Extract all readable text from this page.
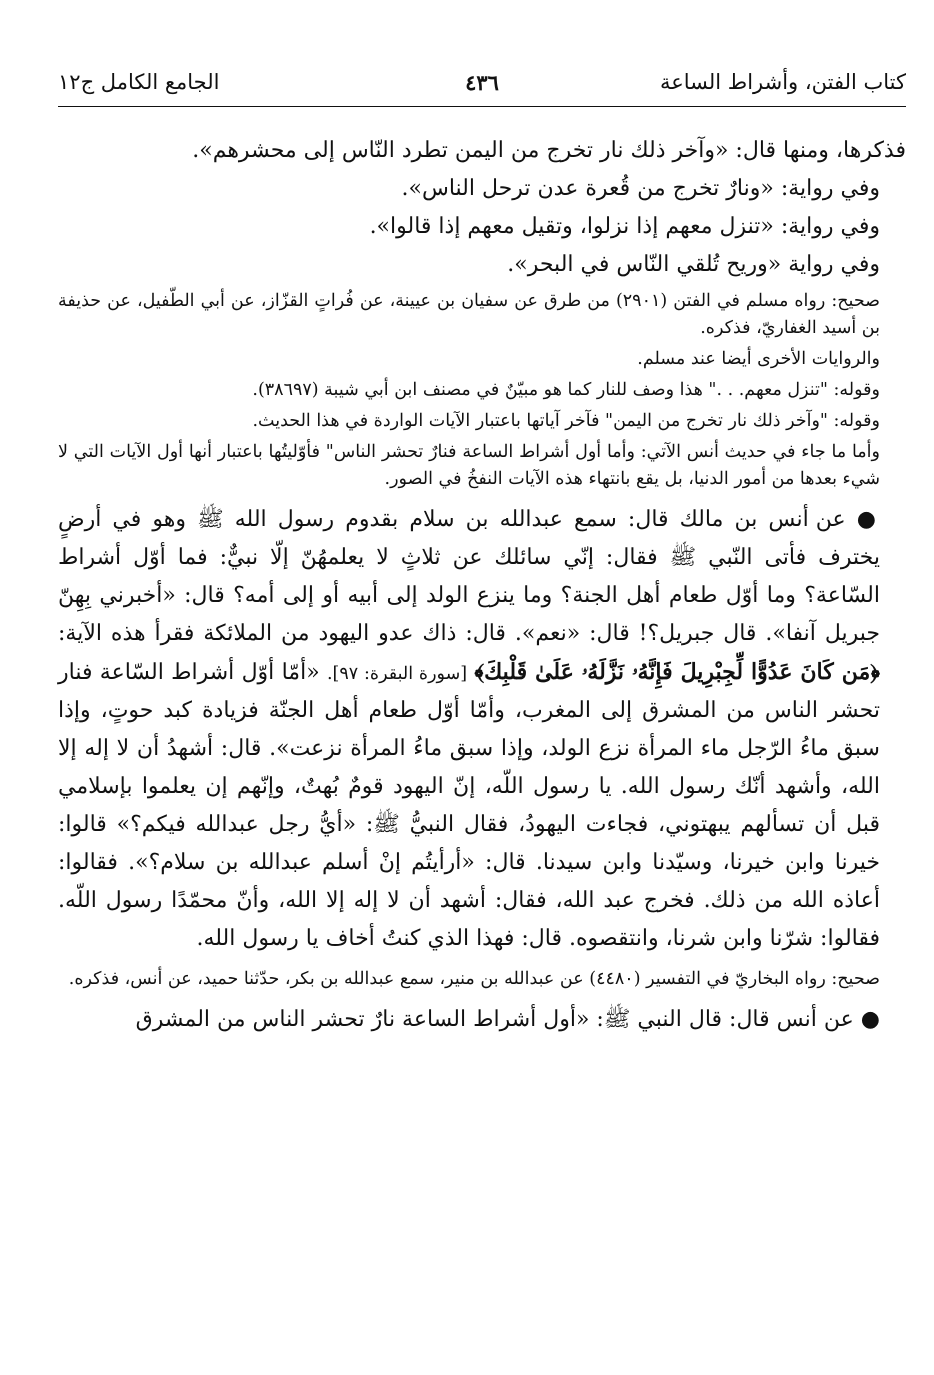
كتاب الفتن، وأشراط الساعة
٤٣٦
الجامع الكامل ج١٢

فذكرها، ومنها قال: «وآخر ذلك نار تخرج من اليمن تطرد النّاس إلى محشرهم».

وفي رواية: «ونارٌ تخرج من قُعرة عدن ترحل الناس».

وفي رواية: «تنزل معهم إذا نزلوا، وتقيل معهم إذا قالوا».

وفي رواية «وريح تُلقي النّاس في البحر».

صحيح: رواه مسلم في الفتن (٢٩٠١) من طرق عن سفيان بن عيينة، عن فُراتٍ القزّاز، عن أبي الطّفيل، عن حذيفة بن أسيد الغفاريّ، فذكره.

والروايات الأخرى أيضا عند مسلم.

وقوله: "تنزل معهم. . ." هذا وصف للنار كما هو مبيّنٌ في مصنف ابن أبي شيبة (٣٨٦٩٧).

وقوله: "وآخر ذلك نار تخرج من اليمن" فآخر آياتها باعتبار الآيات الواردة في هذا الحديث.

وأما ما جاء في حديث أنس الآتي: وأما أول أشراط الساعة فنارٌ تحشر الناس" فأوّليتُها باعتبار أنها أول الآيات التي لا شيء بعدها من أمور الدنيا، بل يقع بانتهاء هذه الآيات النفخُ في الصور.

● عن أنس بن مالك قال: سمع عبدالله بن سلام بقدوم رسول الله ﷺ وهو في أرضٍ يخترف فأتى النّبي ﷺ فقال: إنّي سائلك عن ثلاثٍ لا يعلمهُنّ إلّا نبيٌّ: فما أوّل أشراط السّاعة؟ وما أوّل طعام أهل الجنة؟ وما ينزع الولد إلى أبيه أو إلى أمه؟ قال: «أخبرني بِهِنّ جبريل آنفا». قال جبريل؟! قال: «نعم». قال: ذاك عدو اليهود من الملائكة فقرأ هذه الآية: ﴿مَن كَانَ عَدُوًّا لِّجِبْرِيلَ فَإِنَّهُۥ نَزَّلَهُۥ عَلَىٰ قَلْبِكَ﴾ [سورة البقرة: ٩٧]. «أمّا أوّل أشراط السّاعة فنار تحشر الناس من المشرق إلى المغرب، وأمّا أوّل طعام أهل الجنّة فزيادة كبد حوتٍ، وإذا سبق ماءُ الرّجل ماء المرأة نزع الولد، وإذا سبق ماءُ المرأة نزعت». قال: أشهدُ أن لا إله إلا الله، وأشهد أنّك رسول الله. يا رسول اللّه، إنّ اليهود قومٌ بُهتٌ، وإنّهم إن يعلموا بإسلامي قبل أن تسألهم يبهتوني، فجاءت اليهودُ، فقال النبيُّ ﷺ: «أيُّ رجل عبدالله فيكم؟» قالوا: خيرنا وابن خيرنا، وسيّدنا وابن سيدنا. قال: «أرأيتُم إنْ أسلم عبدالله بن سلام؟». فقالوا: أعاذه الله من ذلك. فخرج عبد الله، فقال: أشهد أن لا إله إلا الله، وأنّ محمّدًا رسول اللّه. فقالوا: شرّنا وابن شرنا، وانتقصوه. قال: فهذا الذي كنتُ أخاف يا رسول الله.

صحيح: رواه البخاريّ في التفسير (٤٤٨٠) عن عبدالله بن منير، سمع عبدالله بن بكر، حدّثنا حميد، عن أنس، فذكره.

● عن أنس قال: قال النبي ﷺ: «أول أشراط الساعة نارٌ تحشر الناس من المشرق
